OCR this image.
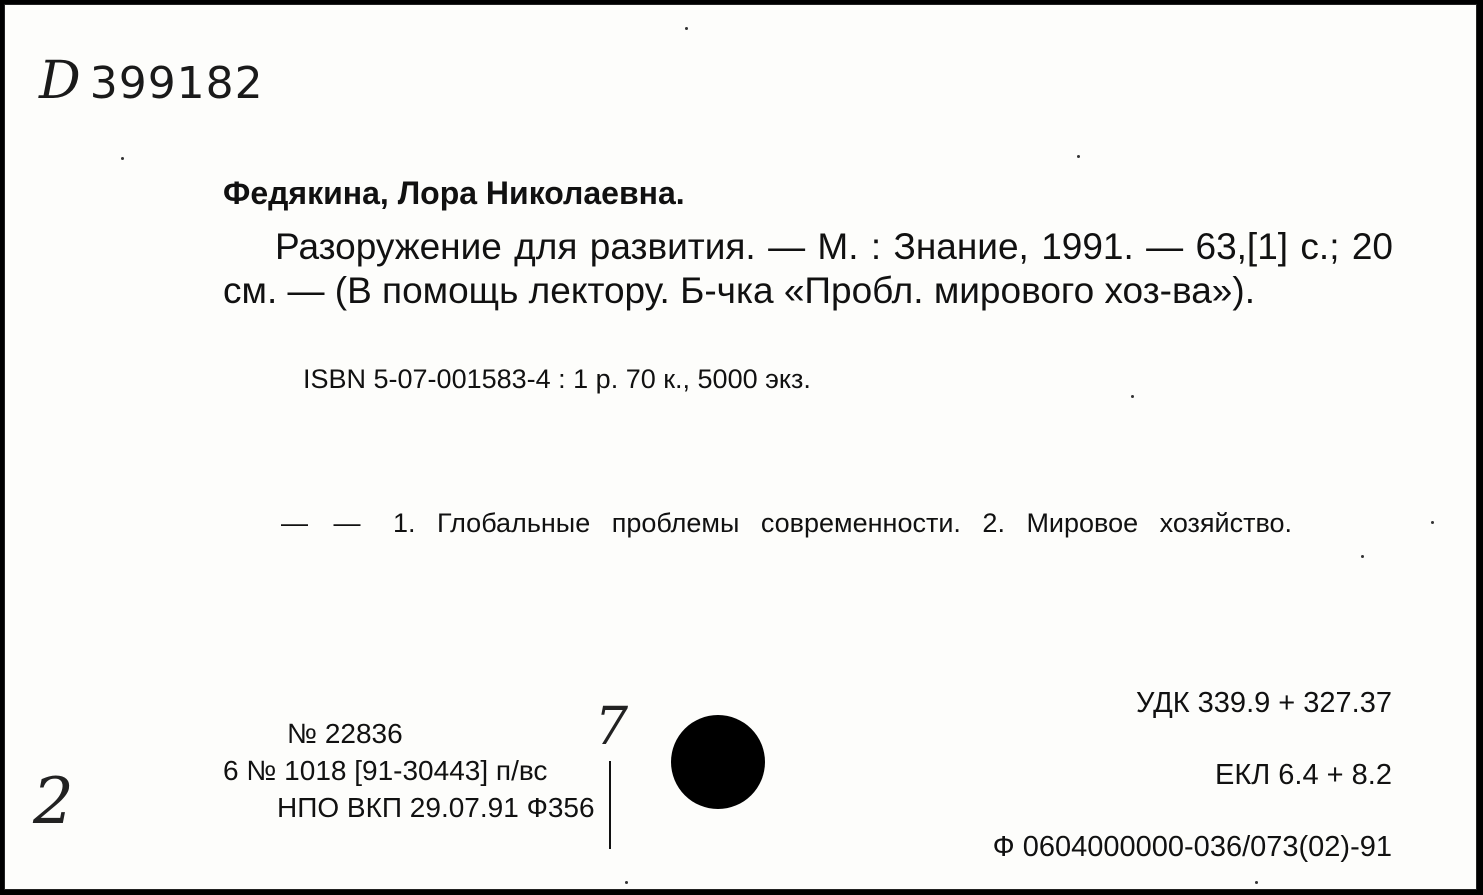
D 399182
Федякина, Лора Николаевна.
Разоружение для развития. — М. : Знание, 1991. — 63,[1] с.; 20 см. — (В помощь лектору. Б-чка «Пробл. мирового хоз-ва»).
ISBN 5-07-001583-4 : 1 р. 70 к., 5000 экз.
— — 1. Глобальные проблемы современности. 2. Мировое хозяйство.
№ 22836
6 № 1018 [91-30443] п/вс
НПО ВКП 29.07.91 Ф356
7
2
УДК 339.9 + 327.37
ЕКЛ 6.4 + 8.2
Ф 0604000000-036/073(02)-91
